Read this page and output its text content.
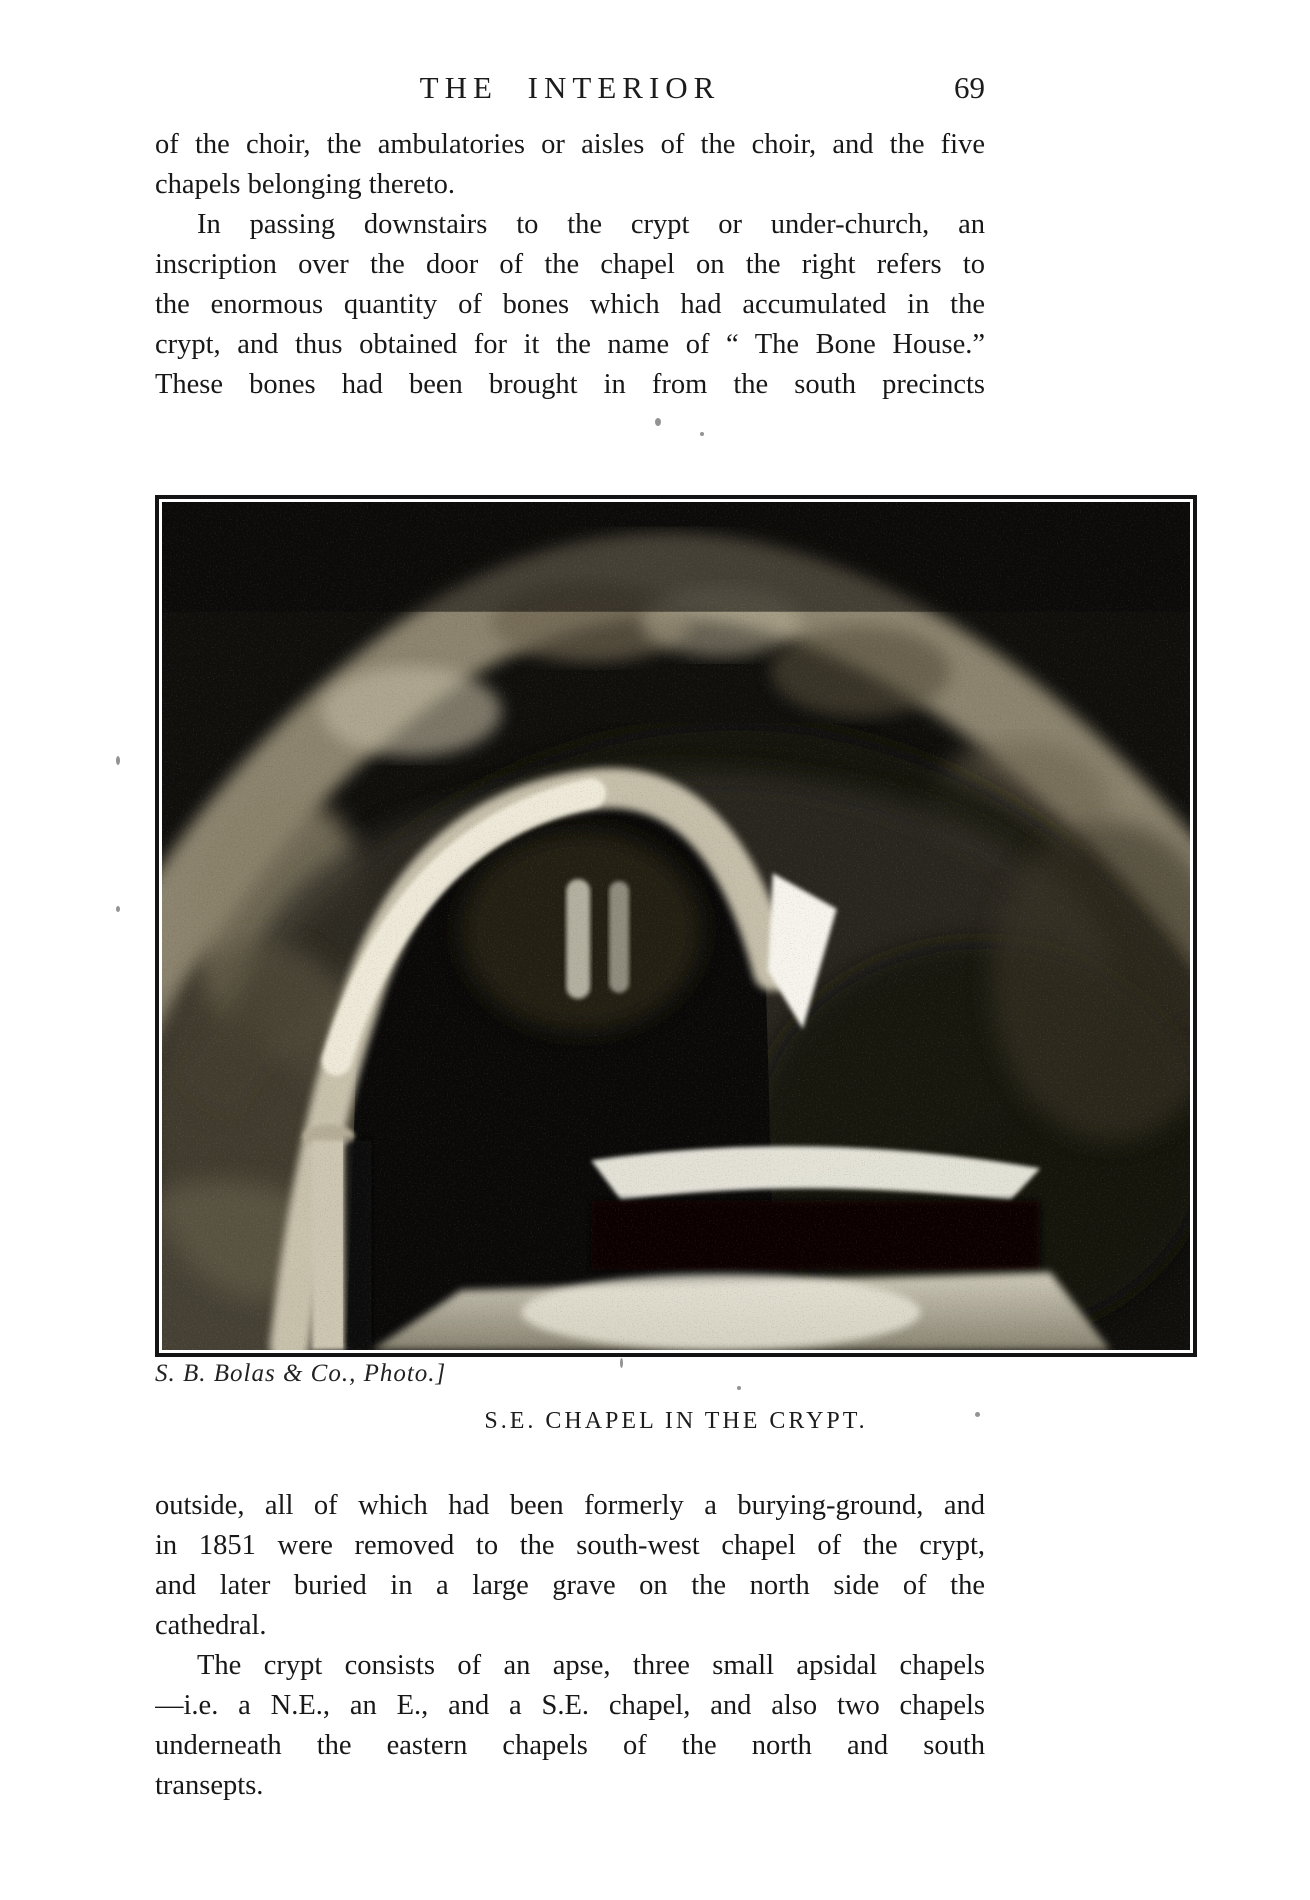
THE INTERIOR	69
of the choir, the ambulatories or aisles of the choir, and the five
chapels belonging thereto.
In passing downstairs to the crypt or under-church, an
inscription over the door of the chapel on the right refers to
the enormous quantity of bones which had accumulated in the
crypt, and thus obtained for it the name of “ The Bone House.”
These bones had been brought in from the south precincts
S. B. Bolas & Co., Photo.]
S.E. CHAPEL IN THE CRYPT.
outside, all of which had been formerly a burying-ground, and
in 1851 were removed to the south-west chapel of the crypt,
and later buried in a large grave on the north side of the
cathedral.
The crypt consists of an apse, three small apsidal chapels
—i.e. a N.E., an E., and a S.E. chapel, and also two chapels
underneath the eastern chapels of the north and south
transepts.
